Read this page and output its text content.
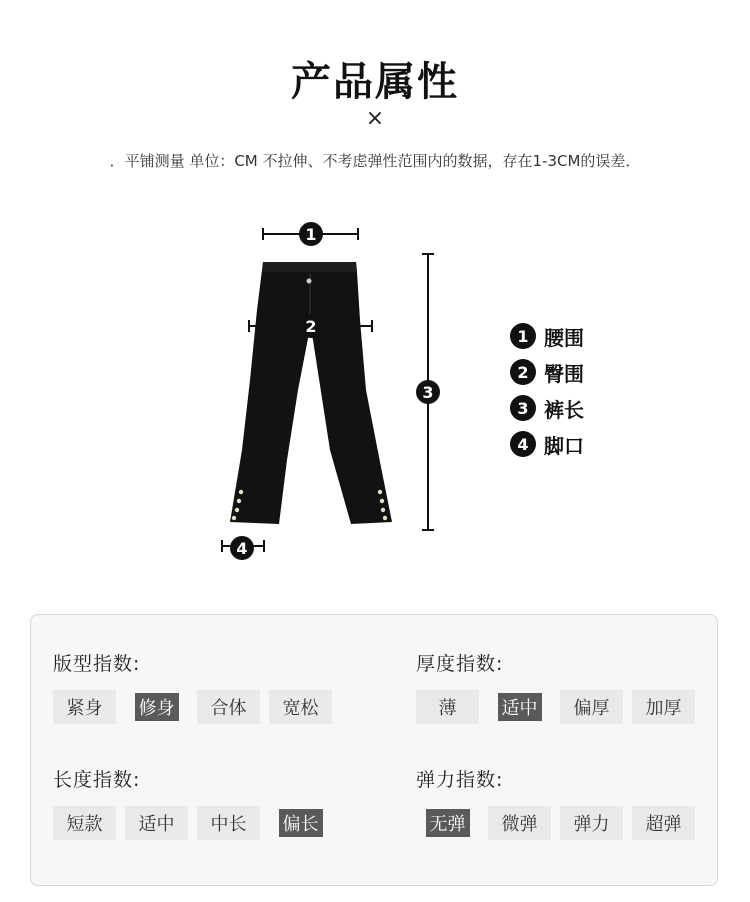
产品属性
×
．平铺测量 单位：CM 不拉伸、不考虑弹性范围内的数据，存在1-3CM的误差．
1
2
3
4
1 腰围
2 臀围
3 裤长
4 脚口
版型指数:
紧身 修身 合体 宽松
厚度指数:
薄	适中 偏厚 加厚
长度指数:
短款 适中 中长 偏长
弹力指数:
无弹 微弹 弹力 超弹
